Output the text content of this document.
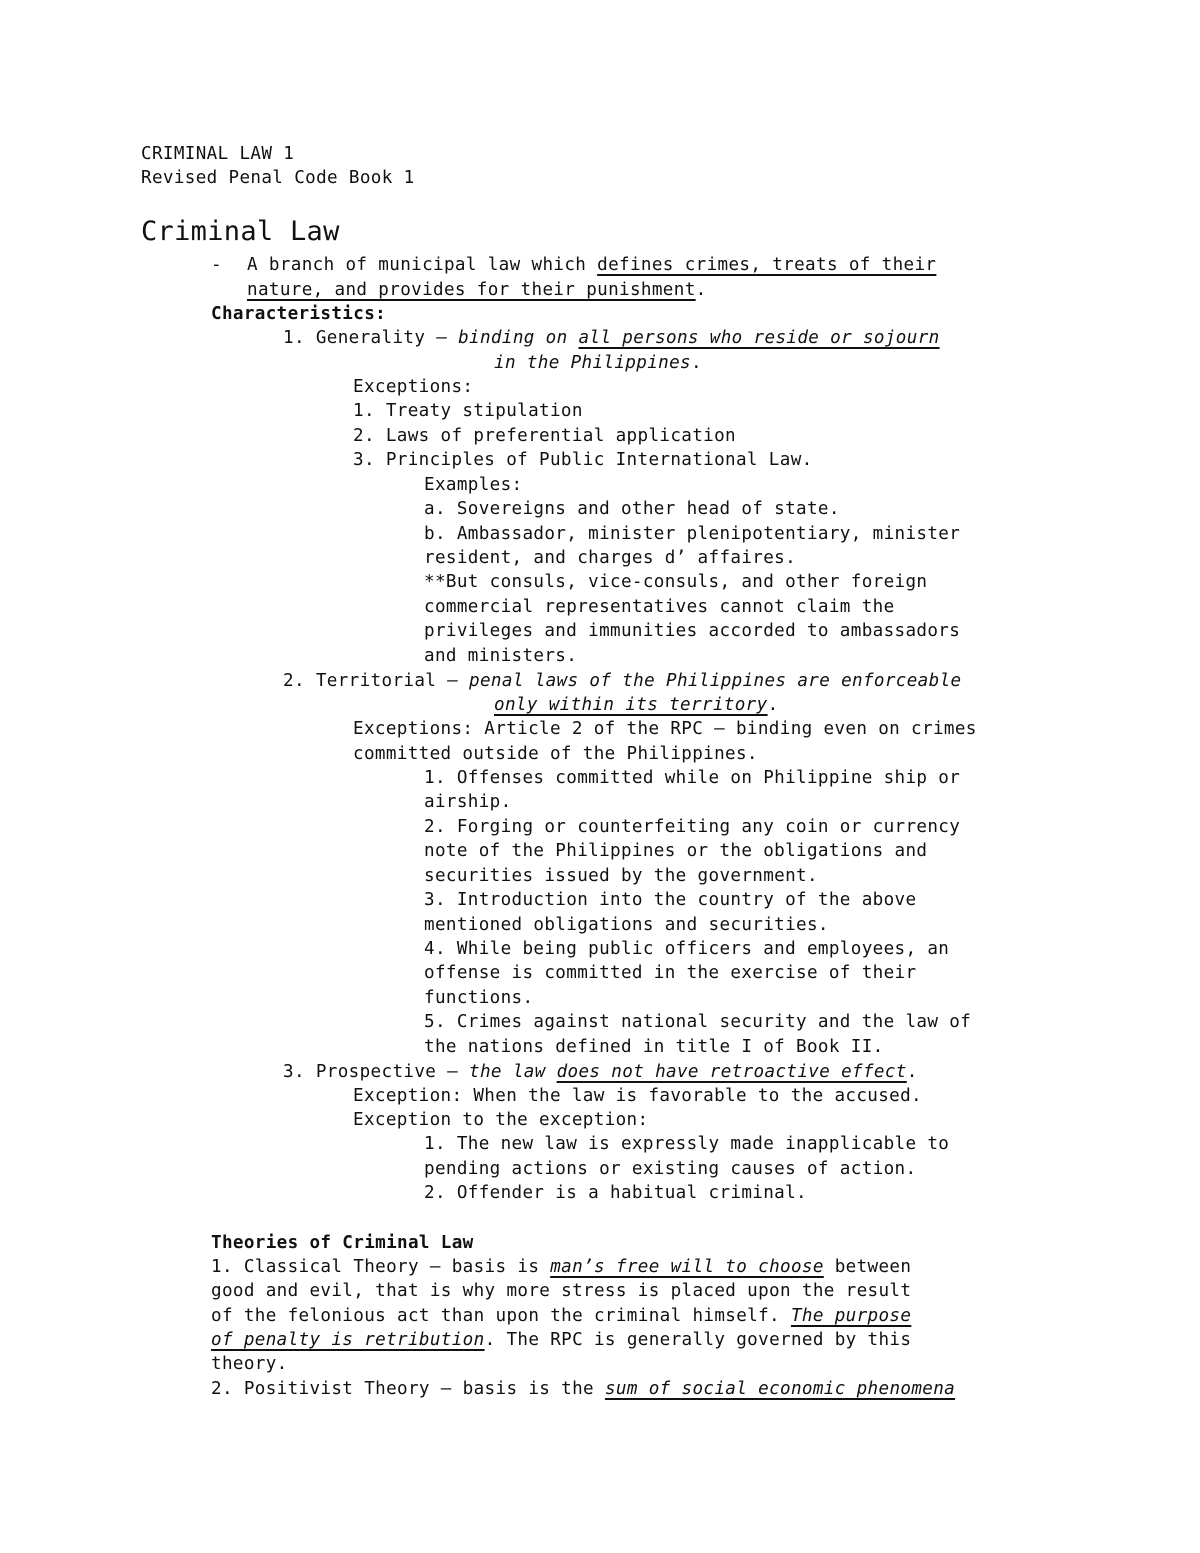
CRIMINAL LAW 1
Revised Penal Code Book 1
Criminal Law
- A branch of municipal law which defines crimes, treats of their
nature, and provides for their punishment.
Characteristics:
1. Generality – binding on all persons who reside or sojourn
in the Philippines.
Exceptions:
1. Treaty stipulation
2. Laws of preferential application
3. Principles of Public International Law.
Examples:
a. Sovereigns and other head of state.
b. Ambassador, minister plenipotentiary, minister
resident, and charges d’ affaires.
**But consuls, vice-consuls, and other foreign
commercial representatives cannot claim the
privileges and immunities accorded to ambassadors
and ministers.
2. Territorial – penal laws of the Philippines are enforceable
only within its territory.
Exceptions: Article 2 of the RPC – binding even on crimes
committed outside of the Philippines.
1. Offenses committed while on Philippine ship or
airship.
2. Forging or counterfeiting any coin or currency
note of the Philippines or the obligations and
securities issued by the government.
3. Introduction into the country of the above
mentioned obligations and securities.
4. While being public officers and employees, an
offense is committed in the exercise of their
functions.
5. Crimes against national security and the law of
the nations defined in title I of Book II.
3. Prospective – the law does not have retroactive effect.
Exception: When the law is favorable to the accused.
Exception to the exception:
1. The new law is expressly made inapplicable to
pending actions or existing causes of action.
2. Offender is a habitual criminal.
Theories of Criminal Law
1. Classical Theory – basis is man’s free will to choose between
good and evil, that is why more stress is placed upon the result
of the felonious act than upon the criminal himself. The purpose
of penalty is retribution. The RPC is generally governed by this
theory.
2. Positivist Theory – basis is the sum of social economic phenomena
